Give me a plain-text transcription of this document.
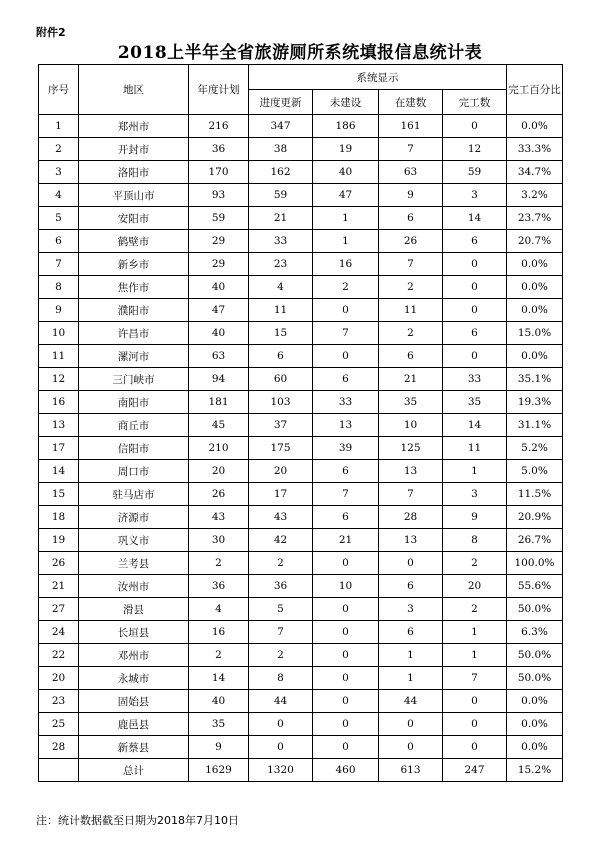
附件2
2018上半年全省旅游厕所系统填报信息统计表
序号	地区	年度计划	系统显示				完工百分比
			进度更新	未建设	在建数	完工数	
1	郑州市	216	347	186	161	0	0.0%
2	开封市	36	38	19	7	12	33.3%
3	洛阳市	170	162	40	63	59	34.7%
4	平顶山市	93	59	47	9	3	3.2%
5	安阳市	59	21	1	6	14	23.7%
6	鹤壁市	29	33	1	26	6	20.7%
7	新乡市	29	23	16	7	0	0.0%
8	焦作市	40	4	2	2	0	0.0%
9	濮阳市	47	11	0	11	0	0.0%
10	许昌市	40	15	7	2	6	15.0%
11	漯河市	63	6	0	6	0	0.0%
12	三门峡市	94	60	6	21	33	35.1%
16	南阳市	181	103	33	35	35	19.3%
13	商丘市	45	37	13	10	14	31.1%
17	信阳市	210	175	39	125	11	5.2%
14	周口市	20	20	6	13	1	5.0%
15	驻马店市	26	17	7	7	3	11.5%
18	济源市	43	43	6	28	9	20.9%
19	巩义市	30	42	21	13	8	26.7%
26	兰考县	2	2	0	0	2	100.0%
21	汝州市	36	36	10	6	20	55.6%
27	滑县	4	5	0	3	2	50.0%
24	长垣县	16	7	0	6	1	6.3%
22	邓州市	2	2	0	1	1	50.0%
20	永城市	14	8	0	1	7	50.0%
23	固始县	40	44	0	44	0	0.0%
25	鹿邑县	35	0	0	0	0	0.0%
28	新蔡县	9	0	0	0	0	0.0%
	总计	1629	1320	460	613	247	15.2%
注：统计数据截至日期为2018年7月10日
